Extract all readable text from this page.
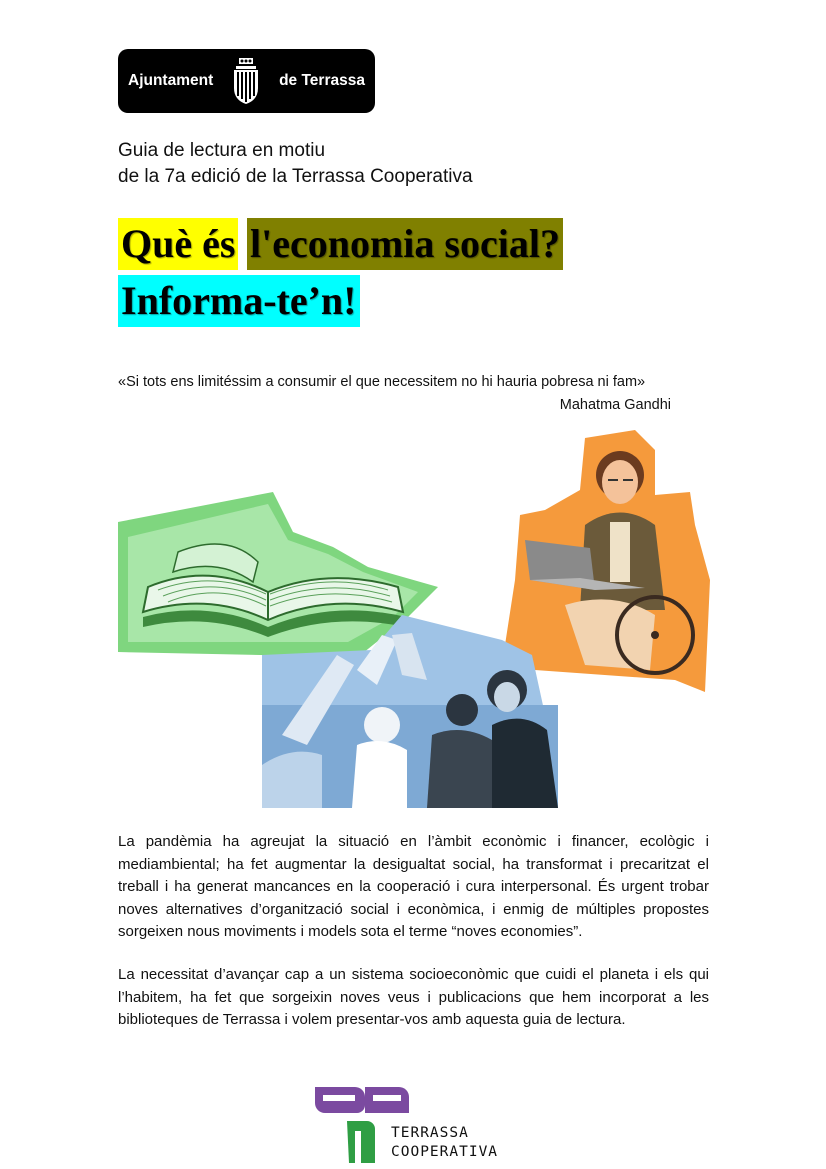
Ajuntament	de Terrassa
Guia de lectura en motiu
de la 7a edició de la Terrassa Cooperativa
Què és l'economia social?
Informa-te’n!
«Si tots ens limitéssim a consumir el que necessitem no hi hauria pobresa ni fam»
Mahatma Gandhi
La pandèmia ha agreujat la situació en l’àmbit econòmic i financer, ecològic i mediambiental; ha fet augmentar la desigualtat social, ha transformat i precaritzat el treball i ha generat mancances en la cooperació i cura interpersonal. És urgent trobar noves alternatives d’organització social i econòmica, i enmig de múltiples propostes sorgeixen nous moviments i models sota el terme “noves economies”.
La necessitat d’avançar cap a un sistema socioeconòmic que cuidi el planeta i els qui l’habitem, ha fet que sorgeixin noves veus i publicacions que hem incorporat a les biblioteques de Terrassa i volem presentar-vos amb aquesta guia de lectura.
TERRASSA
COOPERATIVA
